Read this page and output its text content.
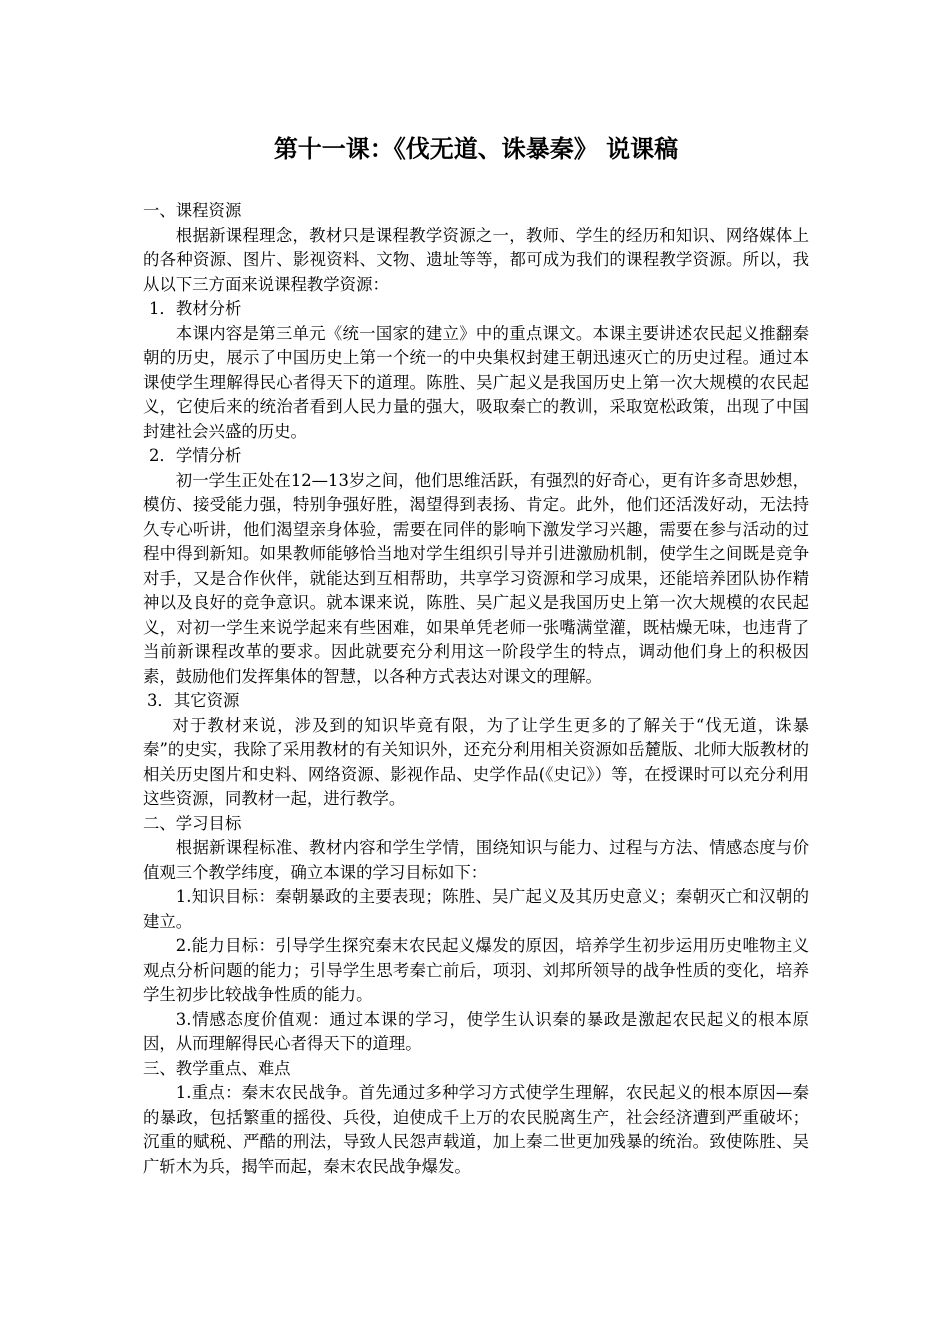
第十一课：《伐无道、诛暴秦》 说课稿

一、课程资源

根据新课程理念，教材只是课程教学资源之一，教师、学生的经历和知识、网络媒体上的各种资源、图片、影视资料、文物、遗址等等，都可成为我们的课程教学资源。所以，我从以下三方面来说课程教学资源：

1．教材分析

本课内容是第三单元《统一国家的建立》中的重点课文。本课主要讲述农民起义推翻秦朝的历史，展示了中国历史上第一个统一的中央集权封建王朝迅速灭亡的历史过程。通过本课使学生理解得民心者得天下的道理。陈胜、吴广起义是我国历史上第一次大规模的农民起义，它使后来的统治者看到人民力量的强大，吸取秦亡的教训，采取宽松政策，出现了中国封建社会兴盛的历史。

2．学情分析

初一学生正处在12—13岁之间，他们思维活跃，有强烈的好奇心，更有许多奇思妙想，模仿、接受能力强，特别争强好胜，渴望得到表扬、肯定。此外，他们还活泼好动，无法持久专心听讲，他们渴望亲身体验，需要在同伴的影响下激发学习兴趣，需要在参与活动的过程中得到新知。如果教师能够恰当地对学生组织引导并引进激励机制，使学生之间既是竞争对手，又是合作伙伴，就能达到互相帮助，共享学习资源和学习成果，还能培养团队协作精神以及良好的竞争意识。就本课来说，陈胜、吴广起义是我国历史上第一次大规模的农民起义，对初一学生来说学起来有些困难，如果单凭老师一张嘴满堂灌，既枯燥无味，也违背了当前新课程改革的要求。因此就要充分利用这一阶段学生的特点，调动他们身上的积极因素，鼓励他们发挥集体的智慧，以各种方式表达对课文的理解。

3．其它资源

对于教材来说，涉及到的知识毕竟有限，为了让学生更多的了解关于“伐无道，诛暴秦”的史实，我除了采用教材的有关知识外，还充分利用相关资源如岳麓版、北师大版教材的相关历史图片和史料、网络资源、影视作品、史学作品(《史记》）等，在授课时可以充分利用这些资源，同教材一起，进行教学。

二、学习目标

根据新课程标准、教材内容和学生学情，围绕知识与能力、过程与方法、情感态度与价值观三个教学纬度，确立本课的学习目标如下：

1.知识目标：秦朝暴政的主要表现；陈胜、吴广起义及其历史意义；秦朝灭亡和汉朝的建立。

2.能力目标：引导学生探究秦末农民起义爆发的原因，培养学生初步运用历史唯物主义观点分析问题的能力；引导学生思考秦亡前后，项羽、刘邦所领导的战争性质的变化，培养学生初步比较战争性质的能力。

3.情感态度价值观：通过本课的学习，使学生认识秦的暴政是激起农民起义的根本原因，从而理解得民心者得天下的道理。

三、教学重点、难点

1.重点：秦末农民战争。首先通过多种学习方式使学生理解，农民起义的根本原因—秦的暴政，包括繁重的摇役、兵役，迫使成千上万的农民脱离生产，社会经济遭到严重破坏；沉重的赋税、严酷的刑法，导致人民怨声载道，加上秦二世更加残暴的统治。致使陈胜、吴广斩木为兵，揭竿而起，秦末农民战争爆发。
